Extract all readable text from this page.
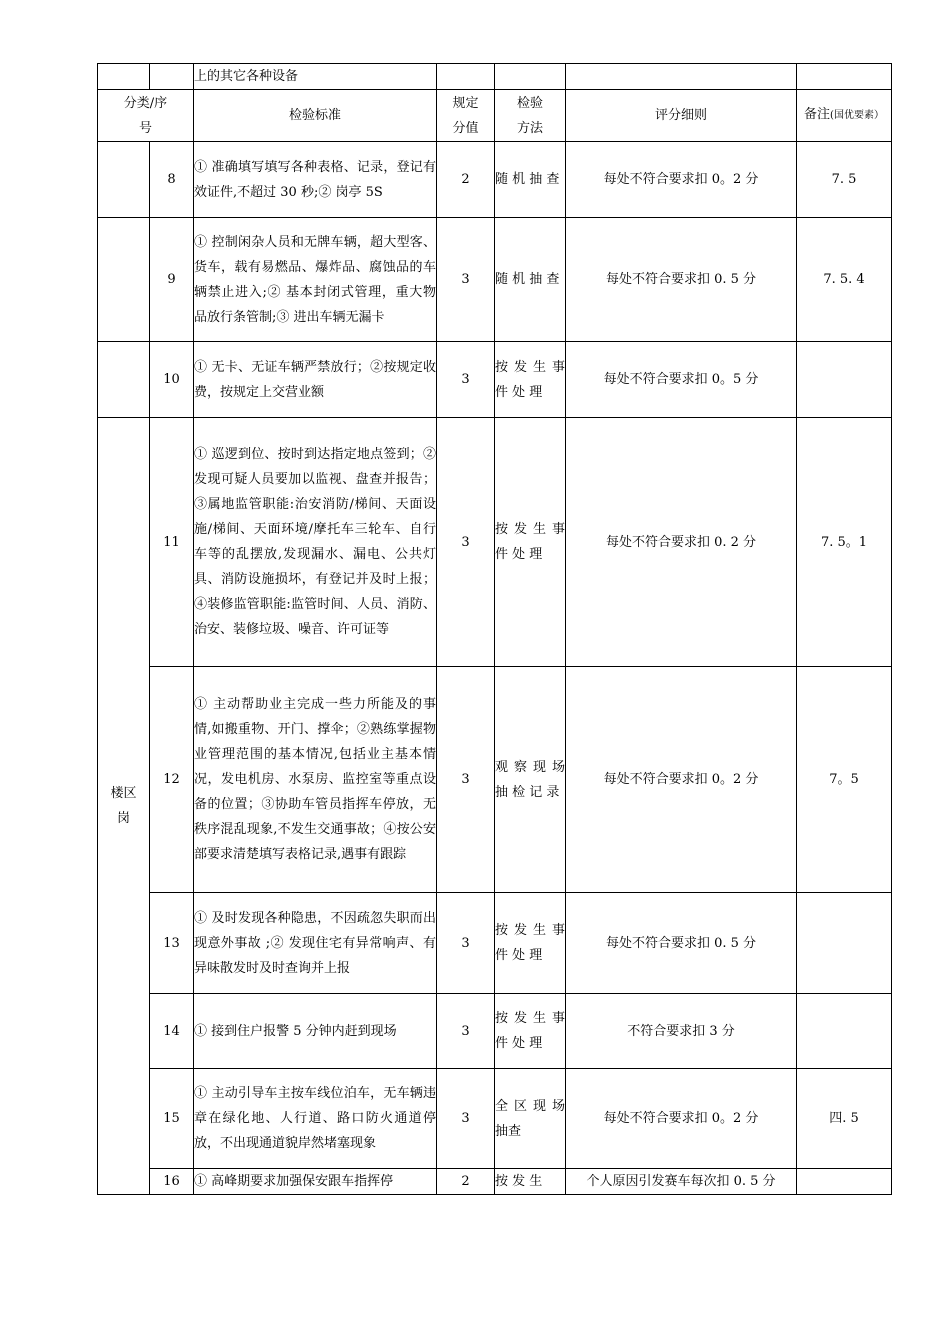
		上的其它各种设备				

分类/序号		检验标准	规定分值	检验方法	评分细则	备注(国优要素）

	8	① 准确填写填写各种表格、记录，登记有效证件,不超过 30 秒;② 岗亭 5S	2	随 机 抽 查	每处不符合要求扣 0。2 分	7. 5
	9	① 控制闲杂人员和无牌车辆，超大型客、货车，载有易燃品、爆炸品、腐蚀品的车辆禁止进入;② 基本封闭式管理，重大物品放行条管制;③ 进出车辆无漏卡	3	随 机 抽 查	每处不符合要求扣 0. 5 分	7. 5. 4
	10	① 无卡、无证车辆严禁放行；②按规定收费，按规定上交营业额	3	按 发 生 事 件 处 理	每处不符合要求扣 0。5 分	

楼区岗	11	① 巡逻到位、按时到达指定地点签到；②发现可疑人员要加以监视、盘查并报告；③属地监管职能:治安消防/梯间、天面设施/梯间、天面环境/摩托车三轮车、自行车等的乱摆放,发现漏水、漏电、公共灯具、消防设施损坏，有登记并及时上报；④装修监管职能:监管时间、人员、消防、治安、装修垃圾、噪音、许可证等	3	按 发 生 事 件 处 理	每处不符合要求扣 0. 2 分	7. 5。1
	12	① 主动帮助业主完成一些力所能及的事情,如搬重物、开门、撑伞；②熟练掌握物业管理范围的基本情况,包括业主基本情况，发电机房、水泵房、监控室等重点设备的位置；③协助车管员指挥车停放，无秩序混乱现象,不发生交通事故；④按公安部要求清楚填写表格记录,遇事有跟踪	3	观 察 现 场 抽 检 记 录	每处不符合要求扣 0。2 分	7。5
	13	① 及时发现各种隐患，不因疏忽失职而出现意外事故 ;② 发现住宅有异常响声、有异味散发时及时查询并上报	3	按 发 生 事 件 处 理	每处不符合要求扣 0. 5 分	
	14	① 接到住户报警 5 分钟内赶到现场	3	按 发 生 事 件 处 理	不符合要求扣 3 分	
	15	① 主动引导车主按车线位泊车，无车辆违章在绿化地、人行道、路口防火通道停放，不出现通道貌岸然堵塞现象	3	全 区 现 场抽查	每处不符合要求扣 0。2 分	四. 5
	16	① 高峰期要求加强保安跟车指挥停	2	按 发 生	个人原因引发赛车每次扣 0. 5 分	
